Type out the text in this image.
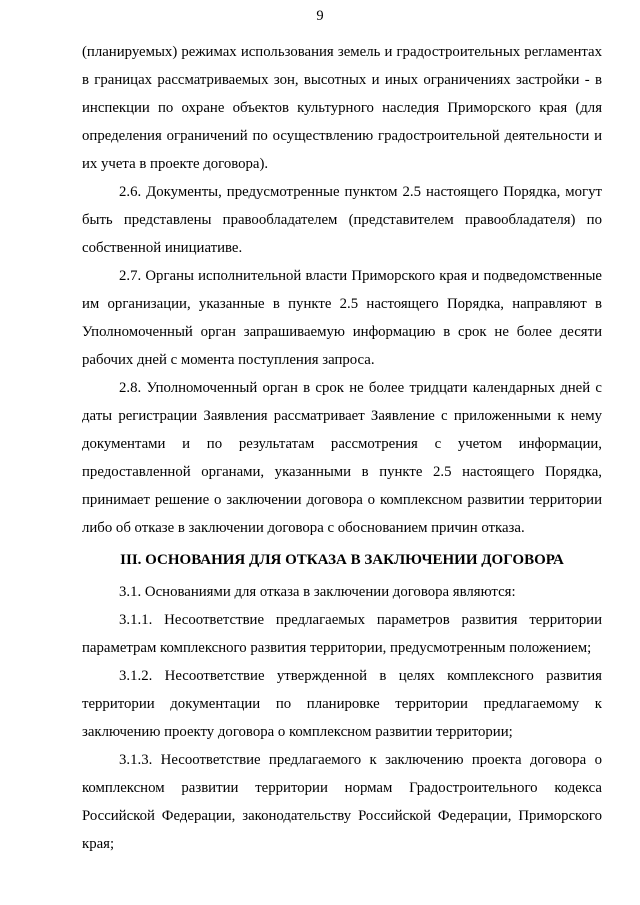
9

(планируемых) режимах использования земель и градостроительных регламентах в границах рассматриваемых зон, высотных и иных ограничениях застройки - в инспекции по охране объектов культурного наследия Приморского края (для определения ограничений по осуществлению градостроительной деятельности и их учета в проекте договора).

2.6. Документы, предусмотренные пунктом 2.5 настоящего Порядка, могут быть представлены правообладателем (представителем правообладателя) по собственной инициативе.

2.7. Органы исполнительной власти Приморского края и подведомственные им организации, указанные в пункте 2.5 настоящего Порядка, направляют в Уполномоченный орган запрашиваемую информацию в срок не более десяти рабочих дней с момента поступления запроса.

2.8. Уполномоченный орган в срок не более тридцати календарных дней с даты регистрации Заявления рассматривает Заявление с приложенными к нему документами и по результатам рассмотрения с учетом информации, предоставленной органами, указанными в пункте 2.5 настоящего Порядка, принимает решение о заключении договора о комплексном развитии территории либо об отказе в заключении договора с обоснованием причин отказа.

III. ОСНОВАНИЯ ДЛЯ ОТКАЗА В ЗАКЛЮЧЕНИИ ДОГОВОРА

3.1. Основаниями для отказа в заключении договора являются:

3.1.1. Несоответствие предлагаемых параметров развития территории параметрам комплексного развития территории, предусмотренным положением;

3.1.2. Несоответствие утвержденной в целях комплексного развития территории документации по планировке территории предлагаемому к заключению проекту договора о комплексном развитии территории;

3.1.3. Несоответствие предлагаемого к заключению проекта договора о комплексном развитии территории нормам Градостроительного кодекса Российской Федерации, законодательству Российской Федерации, Приморского края;
